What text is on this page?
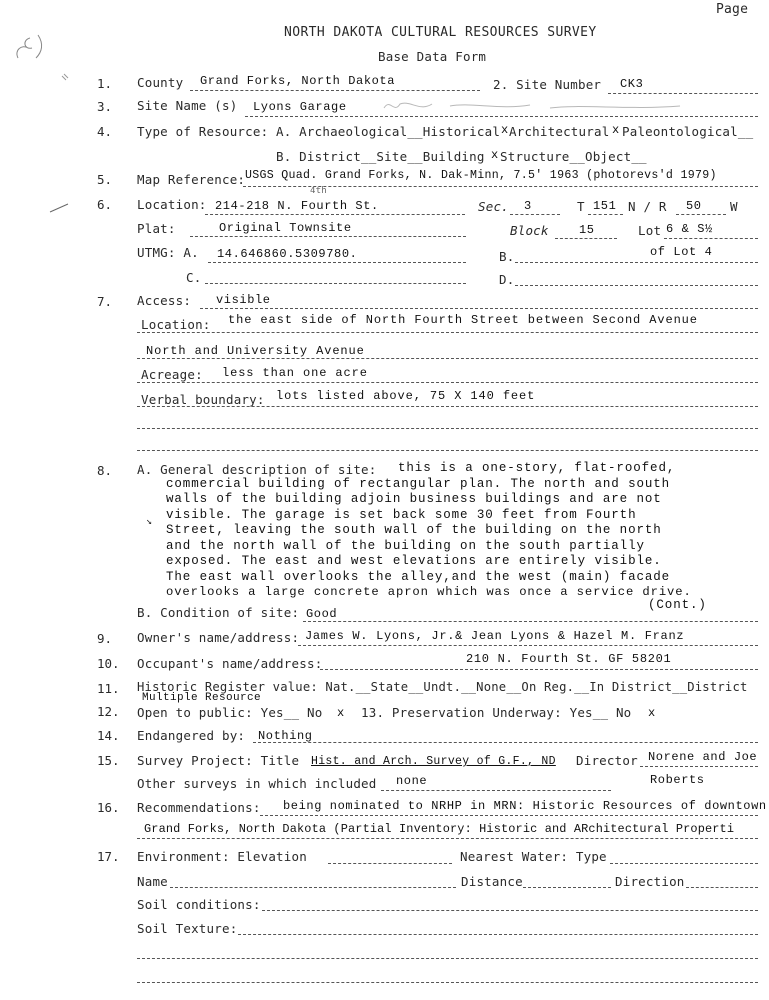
Page
NORTH DAKOTA CULTURAL RESOURCES SURVEY
Base Data Form
1. County Grand Forks, North Dakota	2. Site Number CK3
3. Site Name (s) Lyons Garage
4. Type of Resource: A. Archaeological__Historical x Architectural x Paleontological__
B. District__Site__Building x Structure__Object__
5. Map Reference: USGS Quad. Grand Forks, N. Dak-Minn, 7.5' 1963 (photorevs'd 1979)
6. Location: 214-218 N. Fourth St.
4th
Sec. 3	T 151 N / R 50 W
Plat:	Original Townsite	Block	15	Lot 6 & S½
UTMG: A. 14.646860.5309780.	B.	of Lot 4
C.	D.
7. Access: visible
Location: the east side of North Fourth Street between Second Avenue
North and University Avenue
Acreage: less than one acre
Verbal boundary: lots listed above, 75 X 140 feet
8. A. General description of site: this is a one-story, flat-roofed,
commercial building of rectangular plan. The north and south
walls of the building adjoin business buildings and are not
visible. The garage is set back some 30 feet from Fourth
Street, leaving the south wall of the building on the north
and the north wall of the building on the south partially
exposed. The east and west elevations are entirely visible.
The east wall overlooks the alley,and the west (main) facade
overlooks a large concrete apron which was once a service drive.
(Cont.)
↘
B. Condition of site: Good
9. Owner's name/address: James W. Lyons, Jr.& Jean Lyons & Hazel M. Franz
10. Occupant's name/address:	210 N. Fourth St. GF 58201
11. Historic Register value: Nat.__State__Undt.__None__On Reg.__In District__District
Multiple Resource
12. Open to public: Yes__ No x 13. Preservation Underway: Yes__ No x
14. Endangered by: Nothing
15. Survey Project: Title Hist. and Arch. Survey of G.F., ND Director Norene and Joe
Other surveys in which included none	Roberts
16. Recommendations: being nominated to NRHP in MRN: Historic Resources of downtown
Grand Forks, North Dakota (Partial Inventory: Historic and ARchitectural Properti
17. Environment: Elevation	Nearest Water: Type
Name	Distance	Direction
Soil conditions:
Soil Texture:
